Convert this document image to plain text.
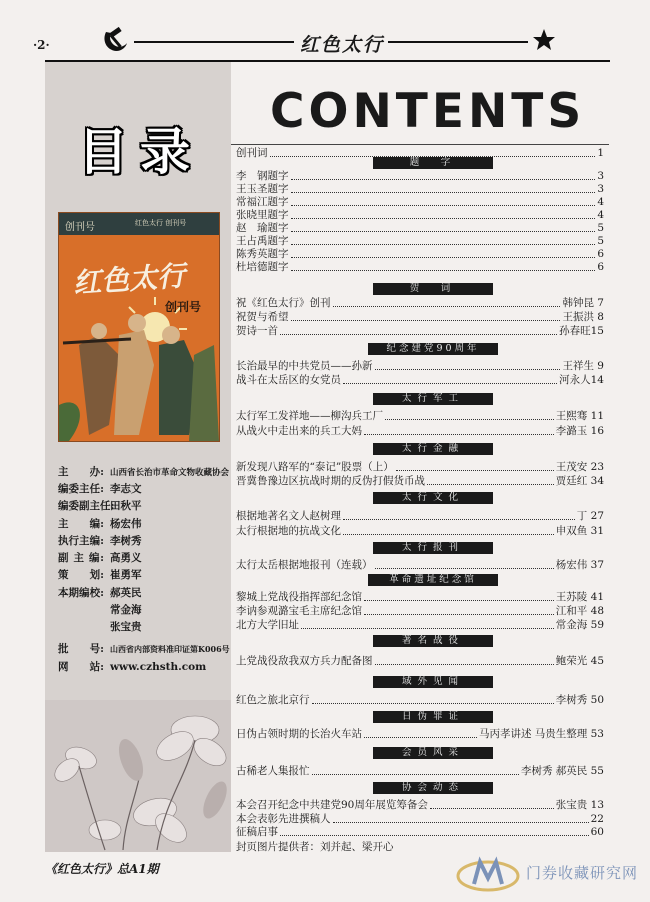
·2·	红色太行
目录
创刊号	红色太行 创刊号
红色太行
创刊号
主　　办: 山西省长治市革命文物收藏协会
编委主任: 李志文
编委副主任:田秋平
主　　编: 杨宏伟
执行主编: 李树秀
副 主 编: 高勇义
策　　划: 崔勇军
本期编校: 郝英民
常金海
张宝贵
批　　号: 山西省内部资料准印证第K006号
网　　站: www.czhsth.com
CONTENTS
创刊词	1
题　字
李　钢题字	3
王玉圣题字	3
常福江题字	4
张晓里题字	4
赵　瑜题字	5
王占禹题字	5
陈秀英题字	6
杜培德题字	6
贺　词
祝《红色太行》创刊	韩钟昆 7
祝贺与希望	王振洪 8
贺诗一首	孙春旺15
纪念建党90周年
长治最早的中共党员——孙新	王祥生 9
战斗在太岳区的女党员	河永人14
太行军工
太行军工发祥地——柳沟兵工厂	王熙骞 11
从战火中走出来的兵工大妈	李潞玉 16
太行金融
新发现八路军的“泰记”股票（上）	王茂安 23
晋冀鲁豫边区抗战时期的反伪打假货币战	贾廷红 34
太行文化
根据地著名文人赵树理	丁 27
太行根据地的抗战文化	申双鱼 31
太行报刊
太行太岳根据地报刊（连载）	杨宏伟 37
革命遗址纪念馆
黎城上党战役指挥部纪念馆	王苏陵 41
李讷参观潞宝毛主席纪念馆	江和平 48
北方大学旧址	常金海 59
著名战役
上党战役敌我双方兵力配备图	鲍荣光 45
域外见闻
红色之旅北京行	李树秀 50
日伪罪证
日伪占领时期的长治火车站	马丙孝讲述 马贵生整理 53
会员风采
古稀老人集报忙	李树秀 郝英民 55
协会动态
本会召开纪念中共建党90周年展览筹备会	张宝贵 13
本会表彰先进撰稿人	22
征稿启事	60
封页图片提供者：刘并起、梁开心
《红色太行》总A1期	门券收藏研究网
